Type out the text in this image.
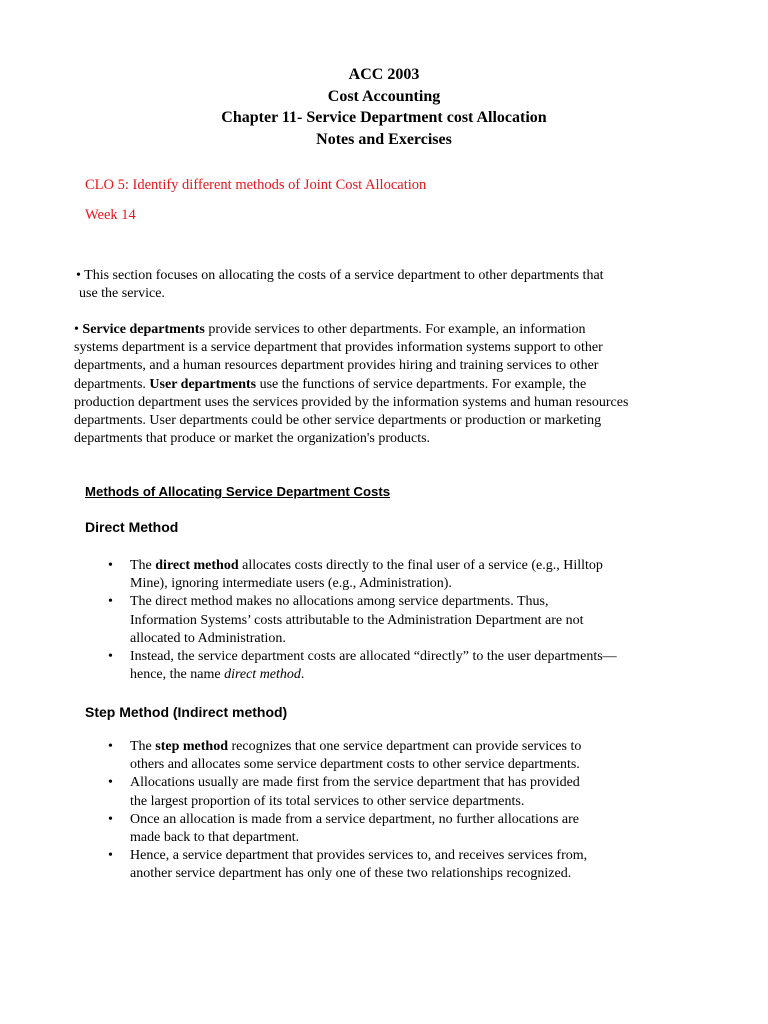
ACC 2003
Cost Accounting
Chapter 11- Service Department cost Allocation
Notes and Exercises
CLO 5: Identify different methods of Joint Cost Allocation
Week 14
• This section focuses on allocating the costs of a service department to other departments that
use the service.
• Service departments provide services to other departments. For example, an information
systems department is a service department that provides information systems support to other
departments, and a human resources department provides hiring and training services to other
departments. User departments use the functions of service departments. For example, the
production department uses the services provided by the information systems and human resources
departments. User departments could be other service departments or production or marketing
departments that produce or market the organization's products.
Methods of Allocating Service Department Costs
Direct Method
• The direct method allocates costs directly to the final user of a service (e.g., Hilltop
Mine), ignoring intermediate users (e.g., Administration).
• The direct method makes no allocations among service departments. Thus,
Information Systems’ costs attributable to the Administration Department are not
allocated to Administration.
• Instead, the service department costs are allocated “directly” to the user departments—
hence, the name direct method.
Step Method (Indirect method)
• The step method recognizes that one service department can provide services to
others and allocates some service department costs to other service departments.
• Allocations usually are made first from the service department that has provided
the largest proportion of its total services to other service departments.
• Once an allocation is made from a service department, no further allocations are
made back to that department.
• Hence, a service department that provides services to, and receives services from,
another service department has only one of these two relationships recognized.
